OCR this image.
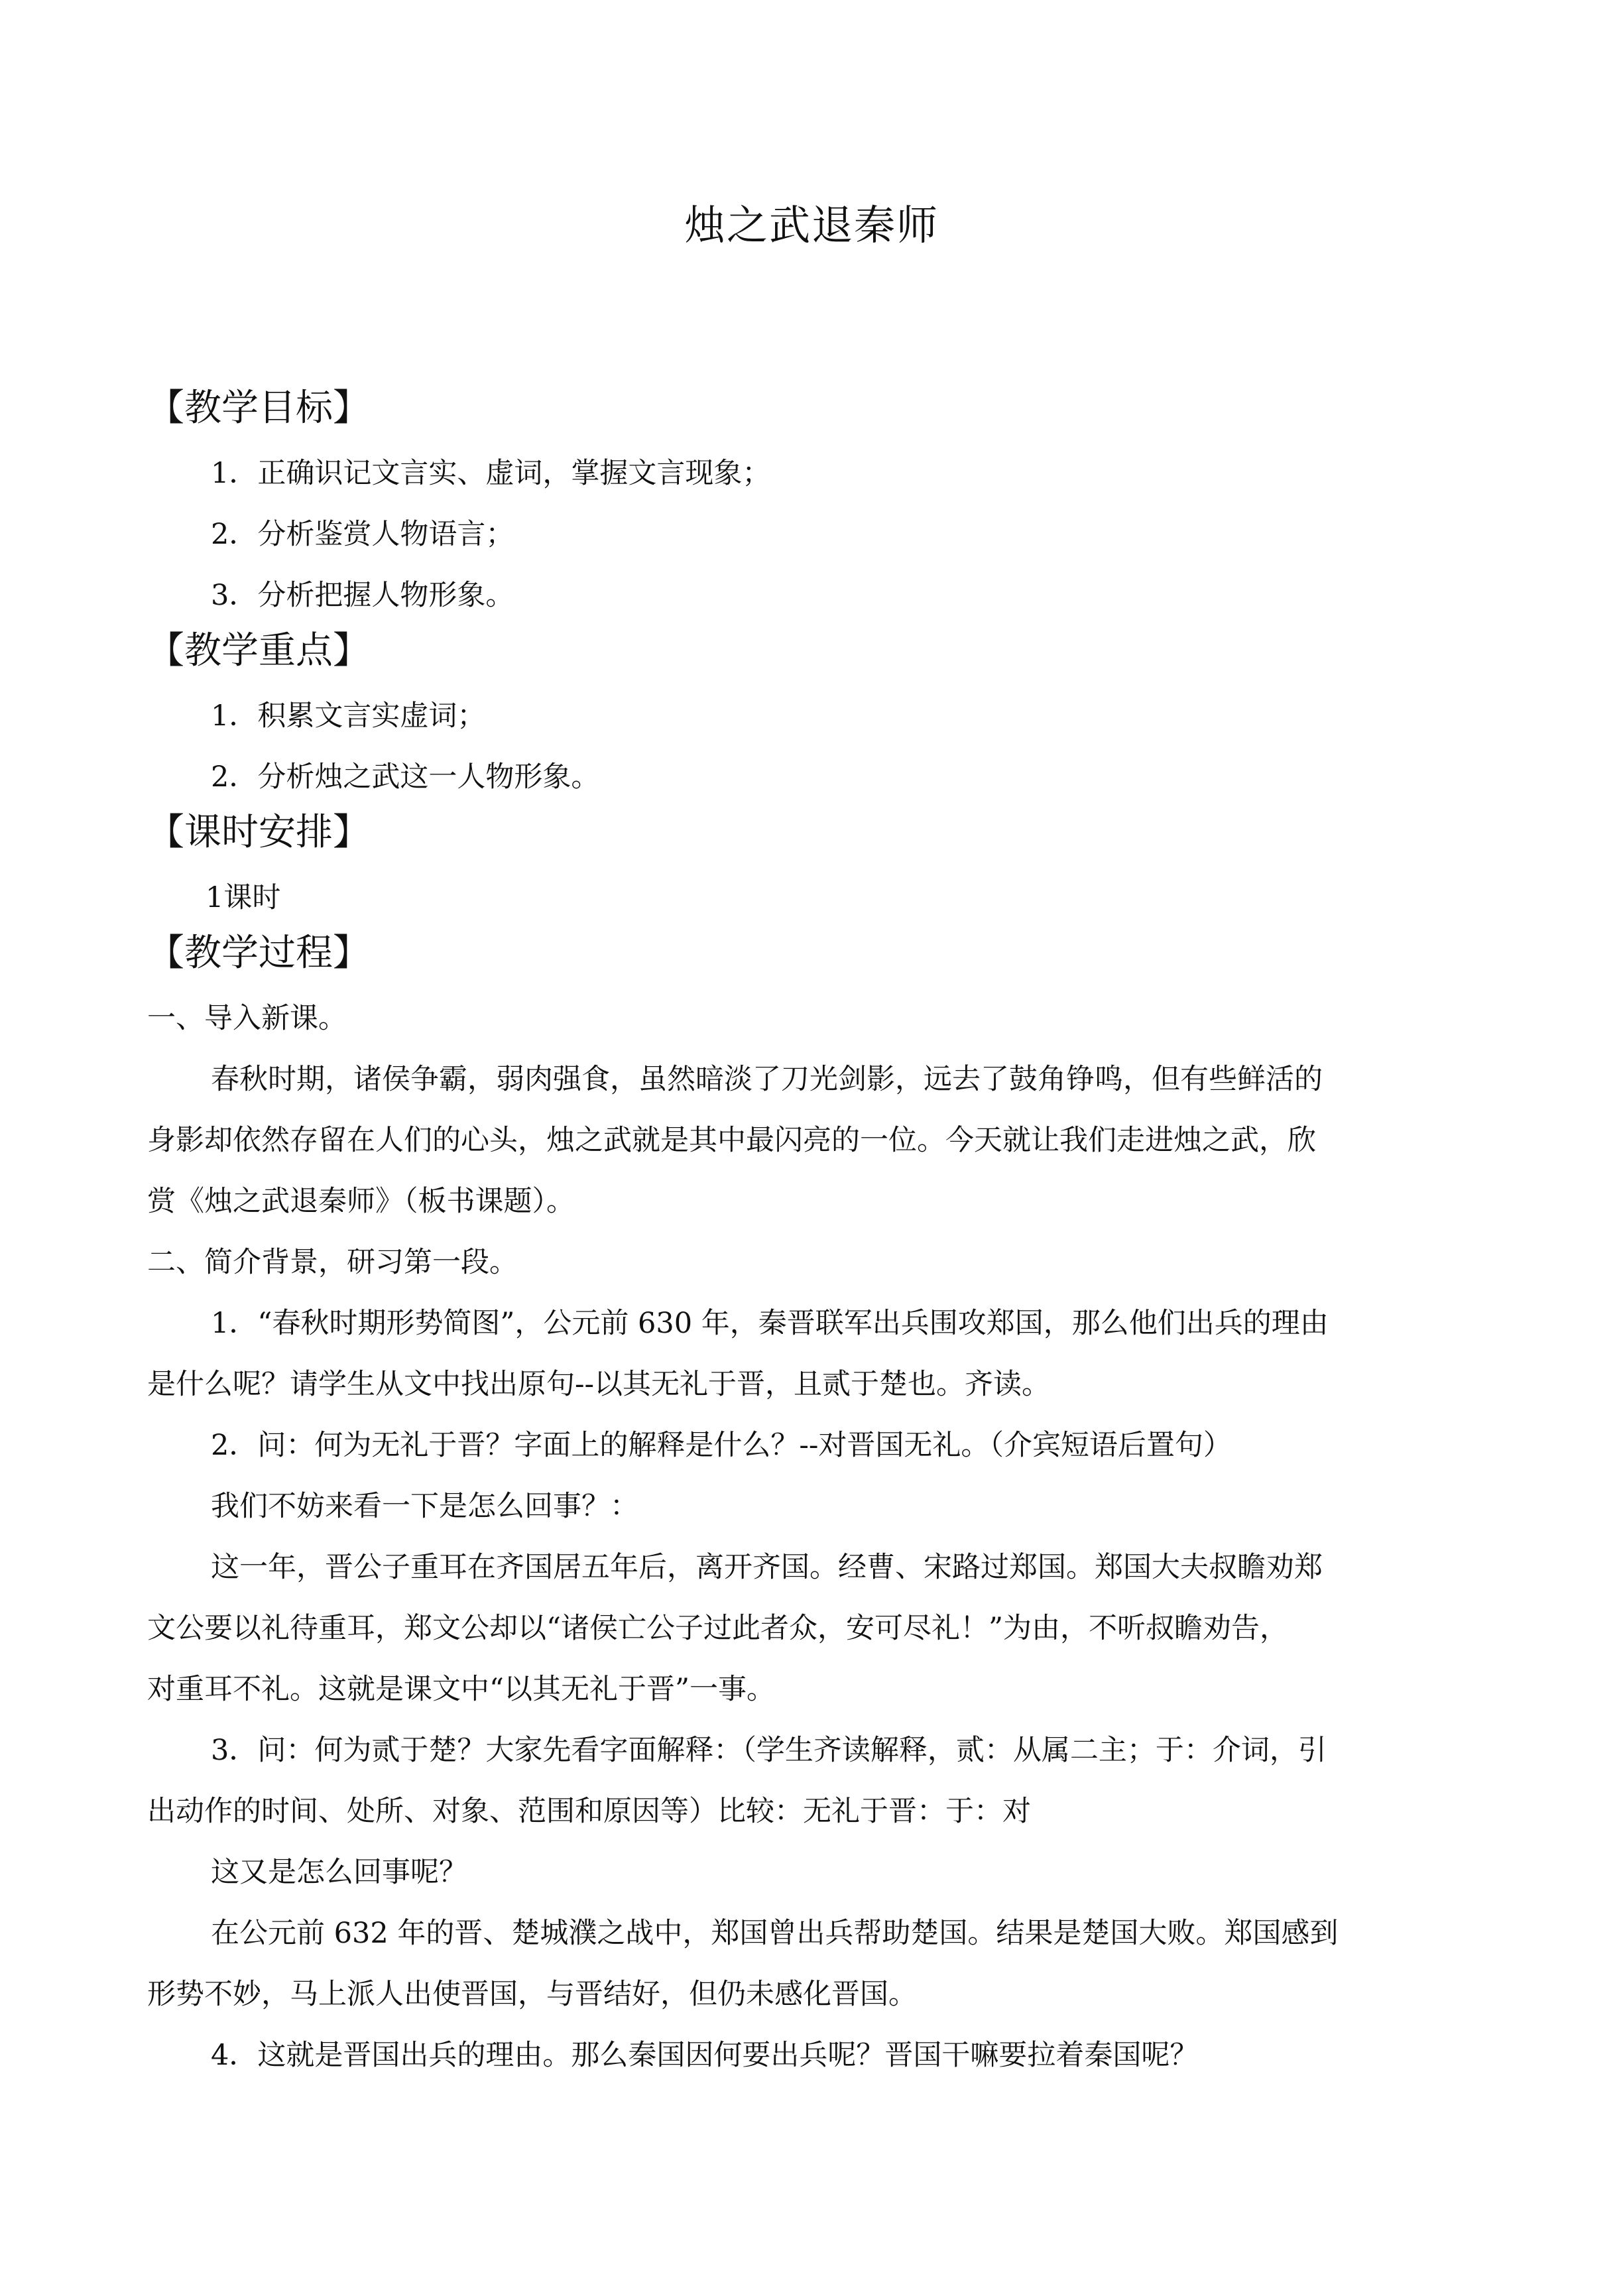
烛之武退秦师
【教学目标】
1．正确识记文言实、虚词，掌握文言现象；
2．分析鉴赏人物语言；
3．分析把握人物形象。
【教学重点】
1．积累文言实虚词；
2．分析烛之武这一人物形象。
【课时安排】
1课时
【教学过程】
一、导入新课。
春秋时期，诸侯争霸，弱肉强食，虽然暗淡了刀光剑影，远去了鼓角铮鸣，但有些鲜活的
身影却依然存留在人们的心头，烛之武就是其中最闪亮的一位。今天就让我们走进烛之武，欣
赏《烛之武退秦师》（板书课题）。
二、简介背景，研习第一段。
1．“春秋时期形势简图”，公元前 630 年，秦晋联军出兵围攻郑国，那么他们出兵的理由
是什么呢？请学生从文中找出原句--以其无礼于晋，且贰于楚也。齐读。
2．问：何为无礼于晋？字面上的解释是什么？--对晋国无礼。（介宾短语后置句）
我们不妨来看一下是怎么回事？：
这一年，晋公子重耳在齐国居五年后，离开齐国。经曹、宋路过郑国。郑国大夫叔瞻劝郑
文公要以礼待重耳，郑文公却以“诸侯亡公子过此者众，安可尽礼！”为由，不听叔瞻劝告，
对重耳不礼。这就是课文中“以其无礼于晋”一事。
3．问：何为贰于楚？大家先看字面解释：（学生齐读解释，贰：从属二主；于：介词，引
出动作的时间、处所、对象、范围和原因等）比较：无礼于晋：于：对
这又是怎么回事呢？
在公元前 632 年的晋、楚城濮之战中，郑国曾出兵帮助楚国。结果是楚国大败。郑国感到
形势不妙，马上派人出使晋国，与晋结好，但仍未感化晋国。
4．这就是晋国出兵的理由。那么秦国因何要出兵呢？晋国干嘛要拉着秦国呢？
